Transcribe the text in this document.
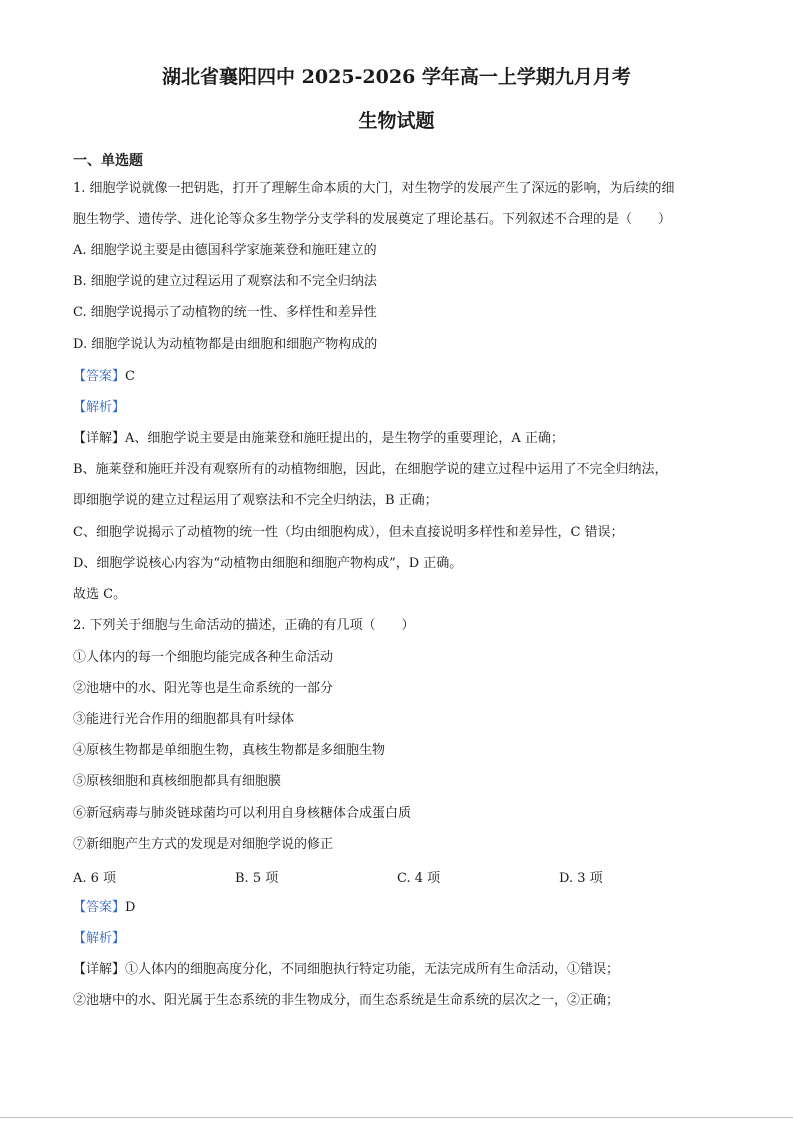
湖北省襄阳四中 2025-2026 学年高一上学期九月月考
生物试题
一、单选题
1. 细胞学说就像一把钥匙，打开了理解生命本质的大门，对生物学的发展产生了深远的影响，为后续的细
胞生物学、遗传学、进化论等众多生物学分支学科的发展奠定了理论基石。下列叙述不合理的是（　　）
A. 细胞学说主要是由德国科学家施莱登和施旺建立的
B. 细胞学说的建立过程运用了观察法和不完全归纳法
C. 细胞学说揭示了动植物的统一性、多样性和差异性
D. 细胞学说认为动植物都是由细胞和细胞产物构成的
【答案】C
【解析】
【详解】A、细胞学说主要是由施莱登和施旺提出的，是生物学的重要理论，A 正确；
B、施莱登和施旺并没有观察所有的动植物细胞，因此，在细胞学说的建立过程中运用了不完全归纳法，
即细胞学说的建立过程运用了观察法和不完全归纳法，B 正确；
C、细胞学说揭示了动植物的统一性（均由细胞构成），但未直接说明多样性和差异性，C 错误；
D、细胞学说核心内容为“动植物由细胞和细胞产物构成”，D 正确。
故选 C。
2. 下列关于细胞与生命活动的描述，正确的有几项（　　）
①人体内的每一个细胞均能完成各种生命活动
②池塘中的水、阳光等也是生命系统的一部分
③能进行光合作用的细胞都具有叶绿体
④原核生物都是单细胞生物，真核生物都是多细胞生物
⑤原核细胞和真核细胞都具有细胞膜
⑥新冠病毒与肺炎链球菌均可以利用自身核糖体合成蛋白质
⑦新细胞产生方式的发现是对细胞学说的修正
A. 6 项	B. 5 项	C. 4 项	D. 3 项
【答案】D
【解析】
【详解】①人体内的细胞高度分化，不同细胞执行特定功能，无法完成所有生命活动，①错误；
②池塘中的水、阳光属于生态系统的非生物成分，而生态系统是生命系统的层次之一，②正确；
